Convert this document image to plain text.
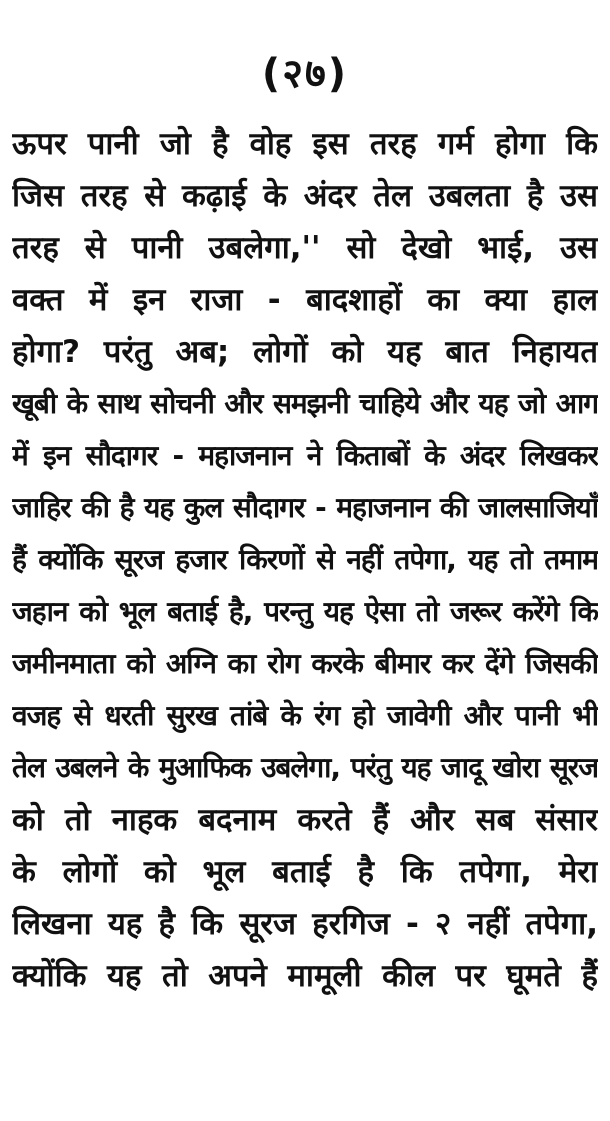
(२७)
ऊपर पानी जो है वोह इस तरह गर्म होगा कि
जिस तरह से कढ़ाई के अंदर तेल उबलता है उस
तरह से पानी उबलेगा,'' सो देखो भाई, उस
वक्त में इन राजा - बादशाहों का क्या हाल
होगा? परंतु अब; लोगों को यह बात निहायत
खूबी के साथ सोचनी और समझनी चाहिये और यह जो आग
में इन सौदागर - महाजनान ने किताबों के अंदर लिखकर
जाहिर की है यह कुल सौदागर - महाजनान की जालसाजियाँ
हैं क्योंकि सूरज हजार किरणों से नहीं तपेगा, यह तो तमाम
जहान को भूल बताई है, परन्तु यह ऐसा तो जरूर करेंगे कि
जमीनमाता को अग्नि का रोग करके बीमार कर देंगे जिसकी
वजह से धरती सुरख तांबे के रंग हो जावेगी और पानी भी
तेल उबलने के मुआफिक उबलेगा, परंतु यह जादू खोरा सूरज
को तो नाहक बदनाम करते हैं और सब संसार
के लोगों को भूल बताई है कि तपेगा, मेरा
लिखना यह है कि सूरज हरगिज - २ नहीं तपेगा,
क्योंकि यह तो अपने मामूली कील पर घूमते हैं
